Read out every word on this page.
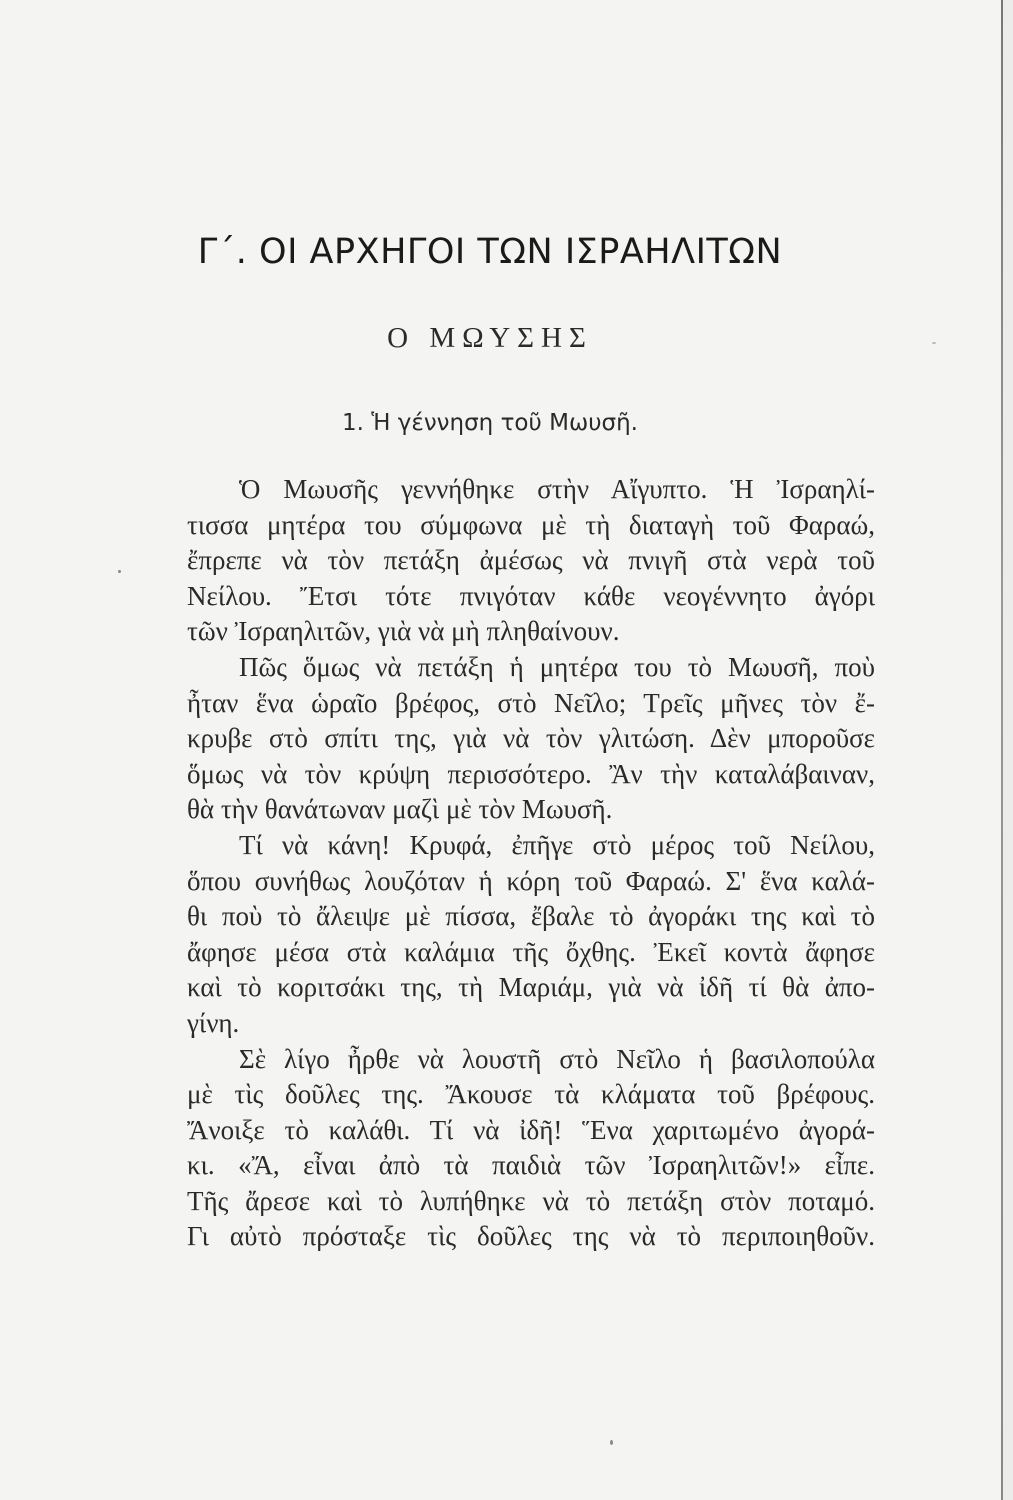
Γ΄. ΟΙ ΑΡΧΗΓΟΙ ΤΩΝ ΙΣΡΑΗΛΙΤΩΝ
Ο ΜΩΥΣΗΣ
1. Ἡ γέννηση τοῦ Μωυσῆ.
Ὁ Μωυσῆς γεννήθηκε στὴν Αἴγυπτο. Ἡ Ἰσραηλί-
τισσα μητέρα του σύμφωνα μὲ τὴ διαταγὴ τοῦ Φαραώ,
ἔπρεπε νὰ τὸν πετάξη ἀμέσως νὰ πνιγῆ στὰ νερὰ τοῦ
Νείλου. Ἔτσι τότε πνιγόταν κάθε νεογέννητο ἀγόρι
τῶν Ἰσραηλιτῶν, γιὰ νὰ μὴ πληθαίνουν.
Πῶς ὅμως νὰ πετάξη ἡ μητέρα του τὸ Μωυσῆ, ποὺ
ἦταν ἕνα ὡραῖο βρέφος, στὸ Νεῖλο; Τρεῖς μῆνες τὸν ἔ-
κρυβε στὸ σπίτι της, γιὰ νὰ τὸν γλιτώση. Δὲν μποροῦσε
ὅμως νὰ τὸν κρύψη περισσότερο. Ἂν τὴν καταλάβαιναν,
θὰ τὴν θανάτωναν μαζὶ μὲ τὸν Μωυσῆ.
Τί νὰ κάνη! Κρυφά, ἐπῆγε στὸ μέρος τοῦ Νείλου,
ὅπου συνήθως λουζόταν ἡ κόρη τοῦ Φαραώ. Σ' ἕνα καλά-
θι ποὺ τὸ ἄλειψε μὲ πίσσα, ἔβαλε τὸ ἀγοράκι της καὶ τὸ
ἄφησε μέσα στὰ καλάμια τῆς ὄχθης. Ἐκεῖ κοντὰ ἄφησε
καὶ τὸ κοριτσάκι της, τὴ Μαριάμ, γιὰ νὰ ἰδῆ τί θὰ ἀπο-
γίνη.
Σὲ λίγο ἦρθε νὰ λουστῆ στὸ Νεῖλο ἡ βασιλοπούλα
μὲ τὶς δοῦλες της. Ἄκουσε τὰ κλάματα τοῦ βρέφους.
Ἄνοιξε τὸ καλάθι. Τί νὰ ἰδῆ! Ἕνα χαριτωμένο ἀγορά-
κι. «Ἄ, εἶναι ἀπὸ τὰ παιδιὰ τῶν Ἰσραηλιτῶν!» εἶπε.
Τῆς ἄρεσε καὶ τὸ λυπήθηκε νὰ τὸ πετάξη στὸν ποταμό.
Γι αὐτὸ πρόσταξε τὶς δοῦλες της νὰ τὸ περιποιηθοῦν.
